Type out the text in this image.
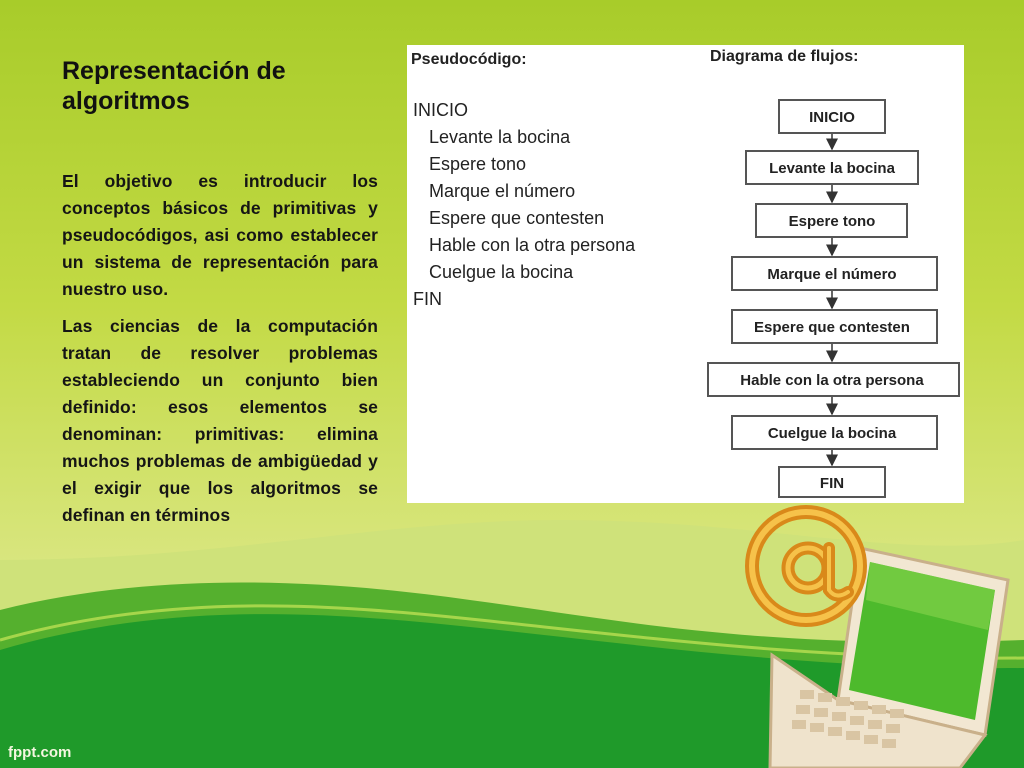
Representación de algoritmos

El objetivo es introducir los conceptos básicos de primitivas y pseudocódigos, asi como establecer un sistema de representación para nuestro uso.

Las ciencias de la computación tratan de resolver problemas estableciendo un conjunto bien definido: esos elementos se denominan: primitivas: elimina muchos problemas de ambigüedad y el exigir que los algoritmos se definan en términos

Pseudocódigo:	Diagrama de flujos:
INICIO
Levante la bocina
Espere tono
Marque el número
Espere que contesten
Hable con la otra persona
Cuelgue la bocina
FIN
INICIO
Levante la bocina
Espere tono
Marque el número
Espere que contesten
Hable con la otra persona
Cuelgue la bocina
FIN
fppt.com
